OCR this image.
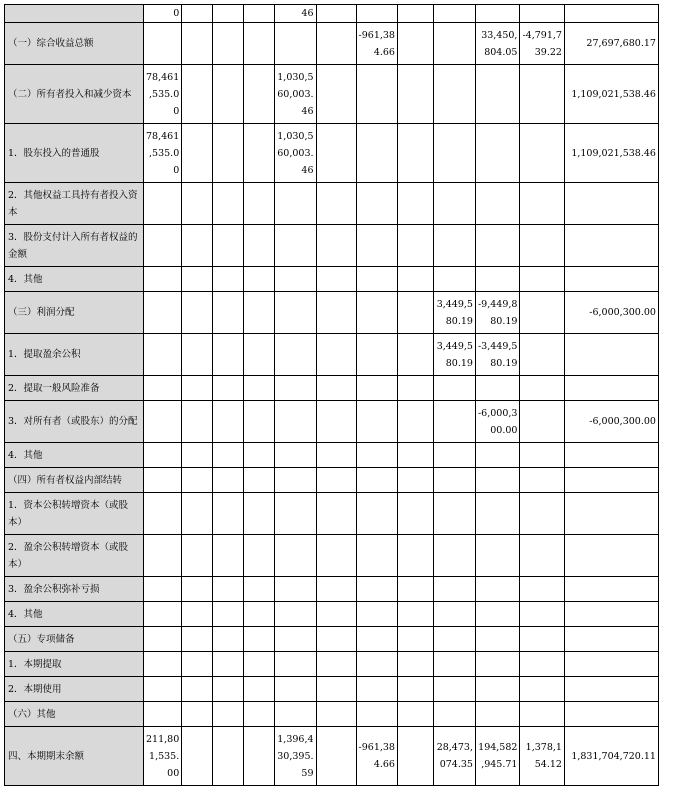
	0				46							
（一）综合收益总额							-961,38
4.66			33,450,
804.05	-4,791,7
39.22	27,697,680.17
（二）所有者投入和减少资本	78,461
,535.0
0				1,030,5
60,003.
46							1,109,021,538.46
1．股东投入的普通股	78,461
,535.0
0				1,030,5
60,003.
46							1,109,021,538.46
2．其他权益工具持有者投入资本												
3．股份支付计入所有者权益的金额												
4．其他												
（三）利润分配									3,449,5
80.19	-9,449,8
80.19		-6,000,300.00
1．提取盈余公积									3,449,5
80.19	-3,449,5
80.19		
2．提取一般风险准备												
3．对所有者（或股东）的分配										-6,000,3
00.00		-6,000,300.00
4．其他												
（四）所有者权益内部结转												
1．资本公积转增资本（或股本）												
2．盈余公积转增资本（或股本）												
3．盈余公积弥补亏损												
4．其他												
（五）专项储备												
1．本期提取												
2．本期使用												
（六）其他												
四、本期期末余额	211,80
1,535.
00				1,396,4
30,395.
59		-961,38
4.66		28,473,
074.35	194,582
,945.71	1,378,1
54.12	1,831,704,720.11
